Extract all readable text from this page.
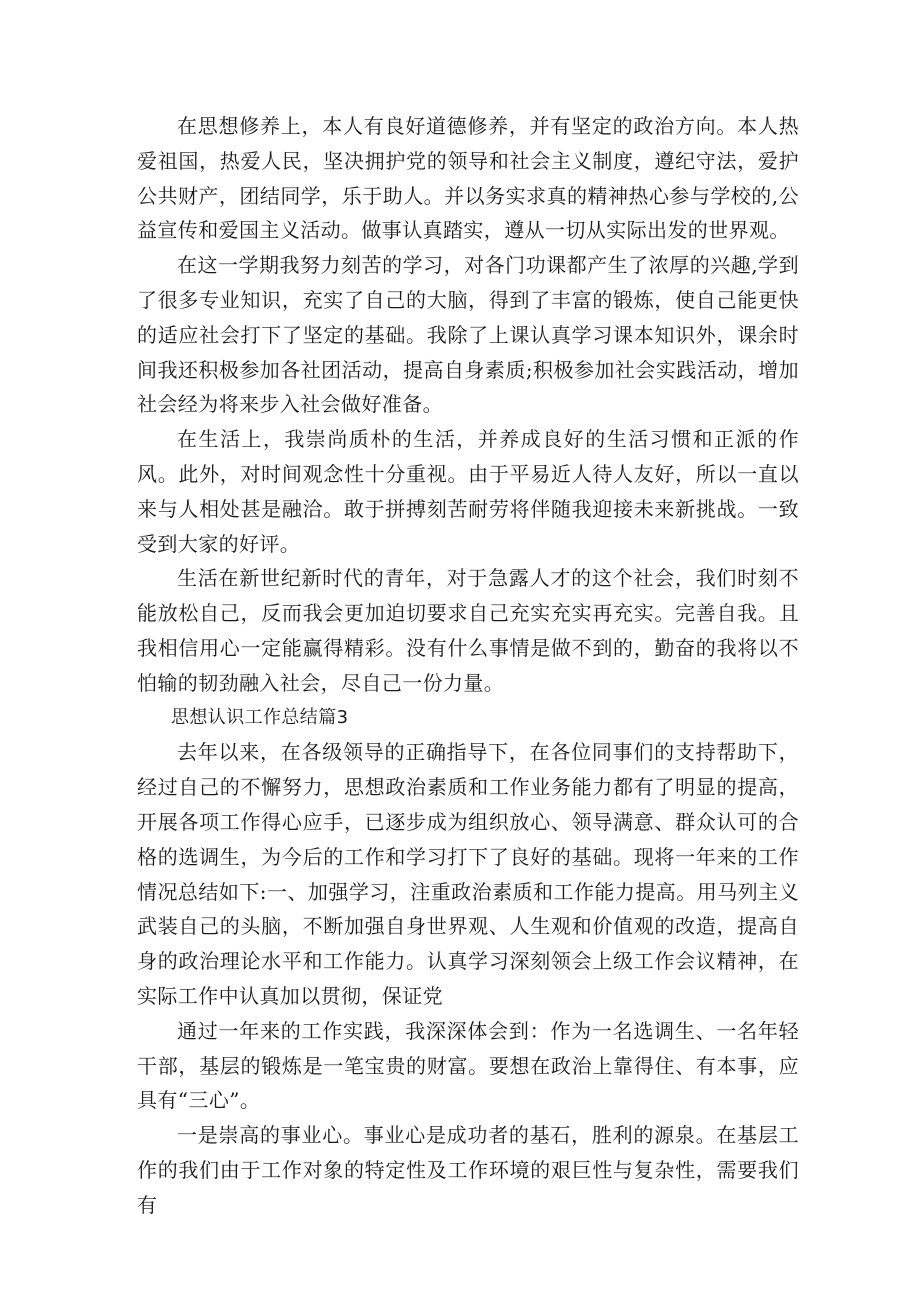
在思想修养上，本人有良好道德修养，并有坚定的政治方向。本人热爱祖国，热爱人民，坚决拥护党的领导和社会主义制度，遵纪守法，爱护公共财产，团结同学，乐于助人。并以务实求真的精神热心参与学校的,公益宣传和爱国主义活动。做事认真踏实，遵从一切从实际出发的世界观。

在这一学期我努力刻苦的学习，对各门功课都产生了浓厚的兴趣,学到了很多专业知识，充实了自己的大脑，得到了丰富的锻炼，使自己能更快的适应社会打下了坚定的基础。我除了上课认真学习课本知识外，课余时间我还积极参加各社团活动，提高自身素质;积极参加社会实践活动，增加社会经为将来步入社会做好准备。

在生活上，我崇尚质朴的生活，并养成良好的生活习惯和正派的作风。此外，对时间观念性十分重视。由于平易近人待人友好，所以一直以来与人相处甚是融洽。敢于拼搏刻苦耐劳将伴随我迎接未来新挑战。一致受到大家的好评。

生活在新世纪新时代的青年，对于急露人才的这个社会，我们时刻不能放松自己，反而我会更加迫切要求自己充实充实再充实。完善自我。且我相信用心一定能赢得精彩。没有什么事情是做不到的，勤奋的我将以不怕输的韧劲融入社会，尽自己一份力量。

思想认识工作总结篇3

去年以来，在各级领导的正确指导下，在各位同事们的支持帮助下，经过自己的不懈努力，思想政治素质和工作业务能力都有了明显的提高，开展各项工作得心应手，已逐步成为组织放心、领导满意、群众认可的合格的选调生，为今后的工作和学习打下了良好的基础。现将一年来的工作情况总结如下:一、加强学习，注重政治素质和工作能力提高。用马列主义武装自己的头脑，不断加强自身世界观、人生观和价值观的改造，提高自身的政治理论水平和工作能力。认真学习深刻领会上级工作会议精神，在实际工作中认真加以贯彻，保证党

通过一年来的工作实践，我深深体会到：作为一名选调生、一名年轻干部，基层的锻炼是一笔宝贵的财富。要想在政治上靠得住、有本事，应具有“三心”。

一是崇高的事业心。事业心是成功者的基石，胜利的源泉。在基层工作的我们由于工作对象的特定性及工作环境的艰巨性与复杂性，需要我们有
